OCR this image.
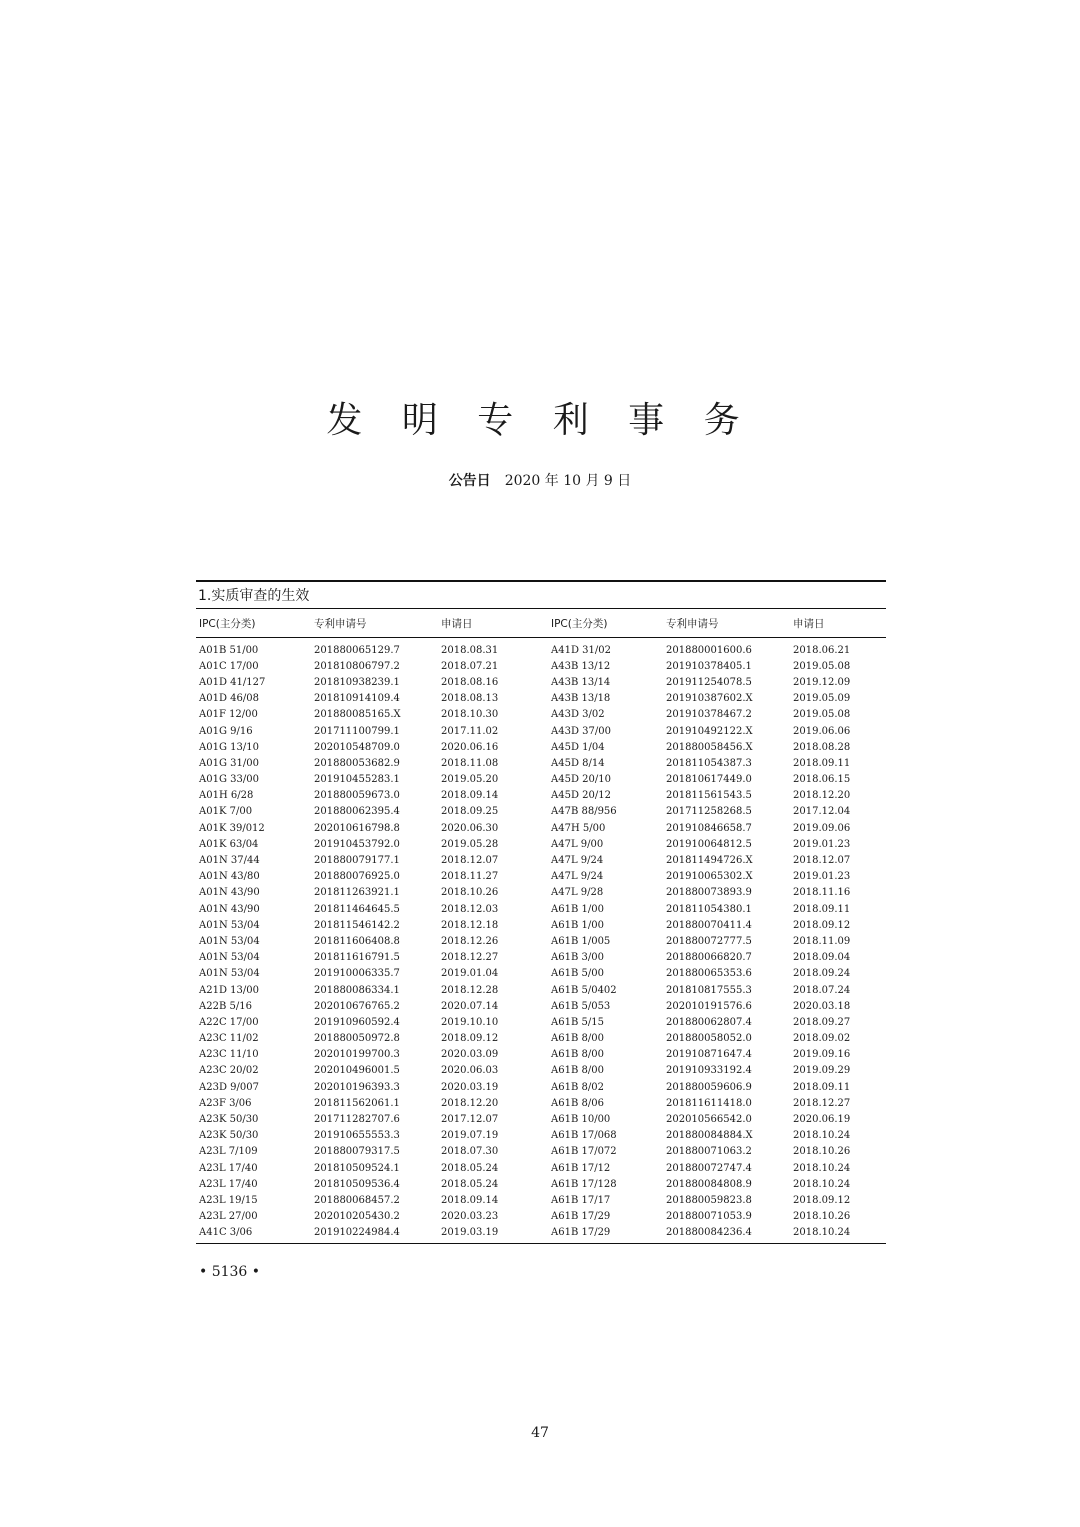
发 明 专 利 事 务
公告日 2020 年 10 月 9 日
1.实质审查的生效
IPC(主分类)	专利申请号	申请日	IPC(主分类)	专利申请号	申请日
A01B 51/00	201880065129.7	2018.08.31	A41D 31/02	201880001600.6	2018.06.21
A01C 17/00	201810806797.2	2018.07.21	A43B 13/12	201910378405.1	2019.05.08
A01D 41/127	201810938239.1	2018.08.16	A43B 13/14	201911254078.5	2019.12.09
A01D 46/08	201810914109.4	2018.08.13	A43B 13/18	201910387602.X	2019.05.09
A01F 12/00	201880085165.X	2018.10.30	A43D 3/02	201910378467.2	2019.05.08
A01G 9/16	201711100799.1	2017.11.02	A43D 37/00	201910492122.X	2019.06.06
A01G 13/10	202010548709.0	2020.06.16	A45D 1/04	201880058456.X	2018.08.28
A01G 31/00	201880053682.9	2018.11.08	A45D 8/14	201811054387.3	2018.09.11
A01G 33/00	201910455283.1	2019.05.20	A45D 20/10	201810617449.0	2018.06.15
A01H 6/28	201880059673.0	2018.09.14	A45D 20/12	201811561543.5	2018.12.20
A01K 7/00	201880062395.4	2018.09.25	A47B 88/956	201711258268.5	2017.12.04
A01K 39/012	202010616798.8	2020.06.30	A47H 5/00	201910846658.7	2019.09.06
A01K 63/04	201910453792.0	2019.05.28	A47L 9/00	201910064812.5	2019.01.23
A01N 37/44	201880079177.1	2018.12.07	A47L 9/24	201811494726.X	2018.12.07
A01N 43/80	201880076925.0	2018.11.27	A47L 9/24	201910065302.X	2019.01.23
A01N 43/90	201811263921.1	2018.10.26	A47L 9/28	201880073893.9	2018.11.16
A01N 43/90	201811464645.5	2018.12.03	A61B 1/00	201811054380.1	2018.09.11
A01N 53/04	201811546142.2	2018.12.18	A61B 1/00	201880070411.4	2018.09.12
A01N 53/04	201811606408.8	2018.12.26	A61B 1/005	201880072777.5	2018.11.09
A01N 53/04	201811616791.5	2018.12.27	A61B 3/00	201880066820.7	2018.09.04
A01N 53/04	201910006335.7	2019.01.04	A61B 5/00	201880065353.6	2018.09.24
A21D 13/00	201880086334.1	2018.12.28	A61B 5/0402	201810817555.3	2018.07.24
A22B 5/16	202010676765.2	2020.07.14	A61B 5/053	202010191576.6	2020.03.18
A22C 17/00	201910960592.4	2019.10.10	A61B 5/15	201880062807.4	2018.09.27
A23C 11/02	201880050972.8	2018.09.12	A61B 8/00	201880058052.0	2018.09.02
A23C 11/10	202010199700.3	2020.03.09	A61B 8/00	201910871647.4	2019.09.16
A23C 20/02	202010496001.5	2020.06.03	A61B 8/00	201910933192.4	2019.09.29
A23D 9/007	202010196393.3	2020.03.19	A61B 8/02	201880059606.9	2018.09.11
A23F 3/06	201811562061.1	2018.12.20	A61B 8/06	201811611418.0	2018.12.27
A23K 50/30	201711282707.6	2017.12.07	A61B 10/00	202010566542.0	2020.06.19
A23K 50/30	201910655553.3	2019.07.19	A61B 17/068	201880084884.X	2018.10.24
A23L 7/109	201880079317.5	2018.07.30	A61B 17/072	201880071063.2	2018.10.26
A23L 17/40	201810509524.1	2018.05.24	A61B 17/12	201880072747.4	2018.10.24
A23L 17/40	201810509536.4	2018.05.24	A61B 17/128	201880084808.9	2018.10.24
A23L 19/15	201880068457.2	2018.09.14	A61B 17/17	201880059823.8	2018.09.12
A23L 27/00	202010205430.2	2020.03.23	A61B 17/29	201880071053.9	2018.10.26
A41C 3/06	201910224984.4	2019.03.19	A61B 17/29	201880084236.4	2018.10.24
• 5136 •
47
